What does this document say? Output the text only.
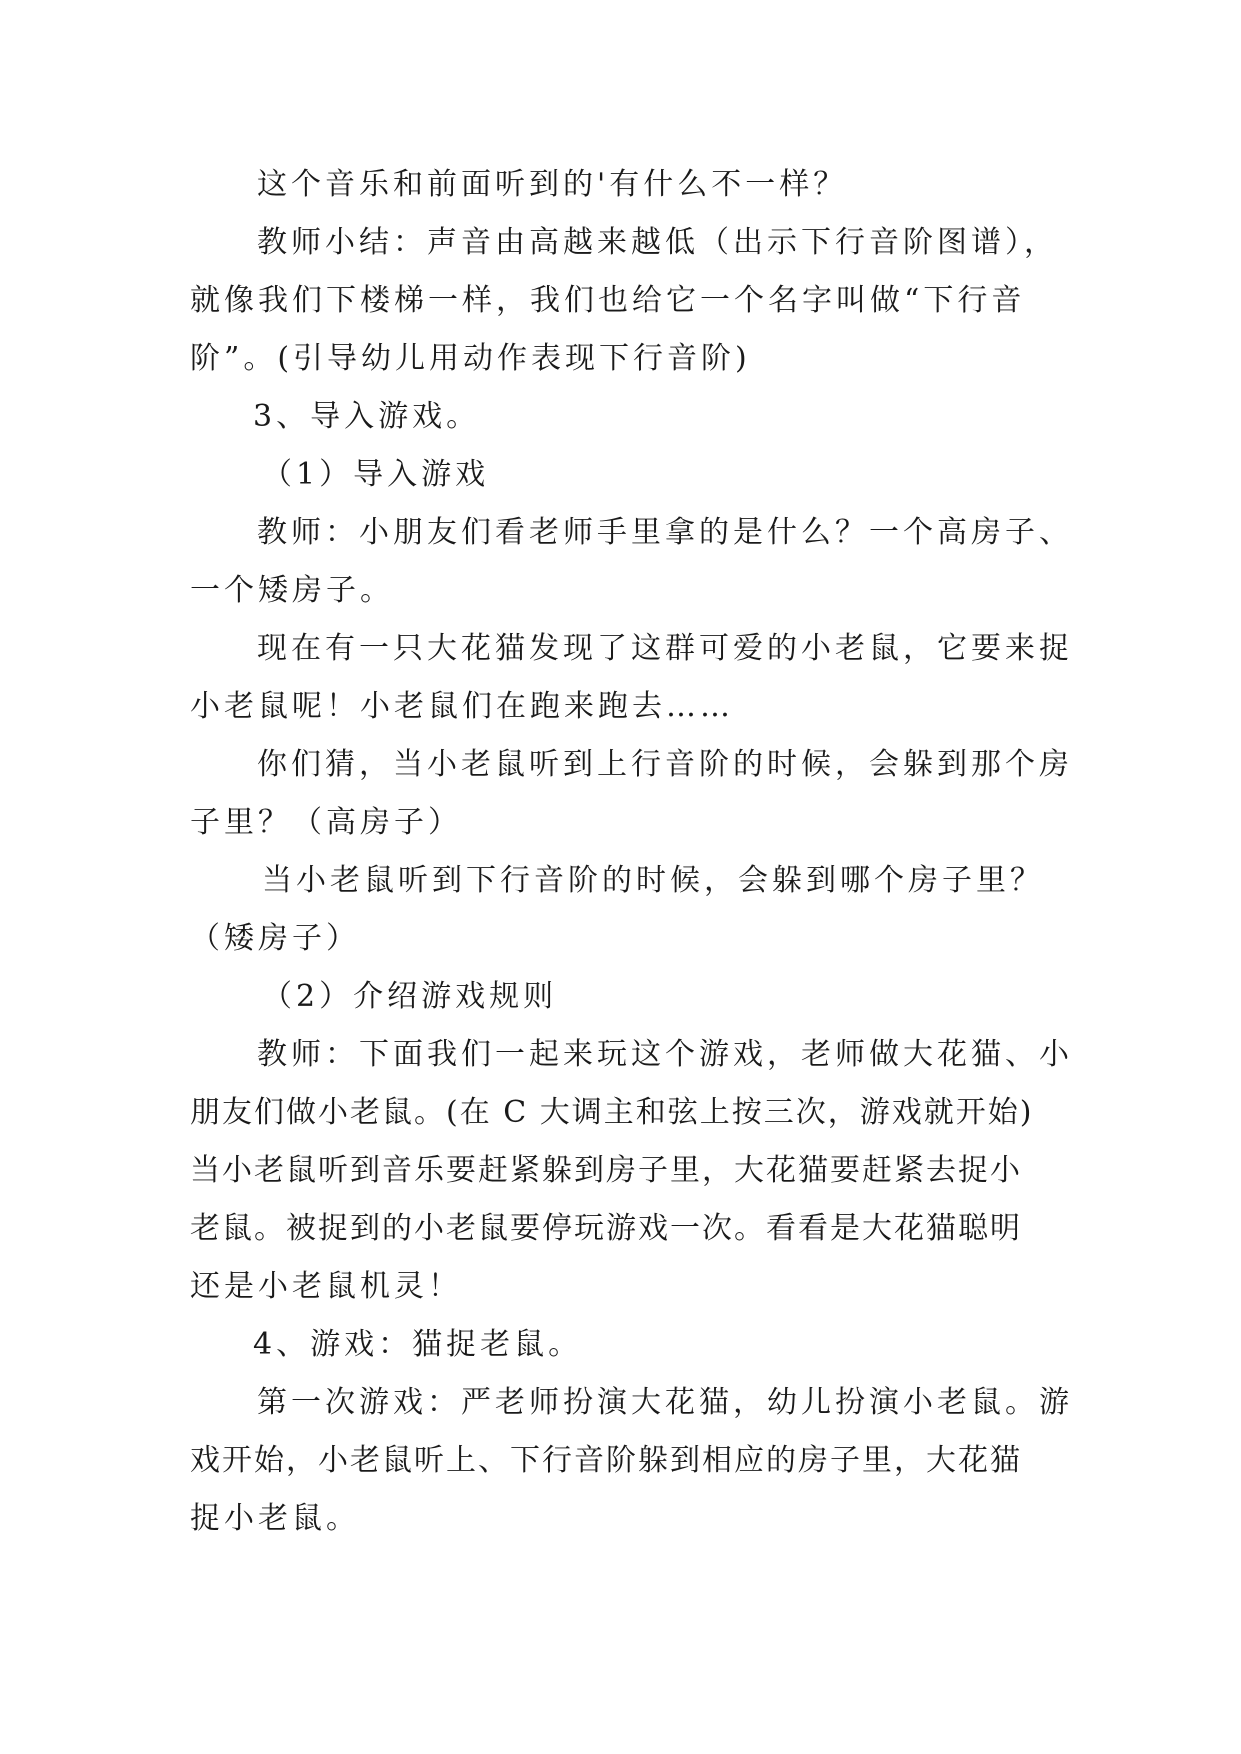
这个音乐和前面听到的'有什么不一样？
教师小结：声音由高越来越低（出示下行音阶图谱），
就像我们下楼梯一样，我们也给它一个名字叫做“下行音
阶”。(引导幼儿用动作表现下行音阶)
3、导入游戏。
（1）导入游戏
教师：小朋友们看老师手里拿的是什么？一个高房子、
一个矮房子。
现在有一只大花猫发现了这群可爱的小老鼠，它要来捉
小老鼠呢！小老鼠们在跑来跑去……
你们猜，当小老鼠听到上行音阶的时候，会躲到那个房
子里？（高房子）
当小老鼠听到下行音阶的时候，会躲到哪个房子里？
（矮房子）
（2）介绍游戏规则
教师：下面我们一起来玩这个游戏，老师做大花猫、小
朋友们做小老鼠。(在 C 大调主和弦上按三次，游戏就开始)
当小老鼠听到音乐要赶紧躲到房子里，大花猫要赶紧去捉小
老鼠。被捉到的小老鼠要停玩游戏一次。看看是大花猫聪明
还是小老鼠机灵！
4、游戏：猫捉老鼠。
第一次游戏：严老师扮演大花猫，幼儿扮演小老鼠。游
戏开始，小老鼠听上、下行音阶躲到相应的房子里，大花猫
捉小老鼠。
